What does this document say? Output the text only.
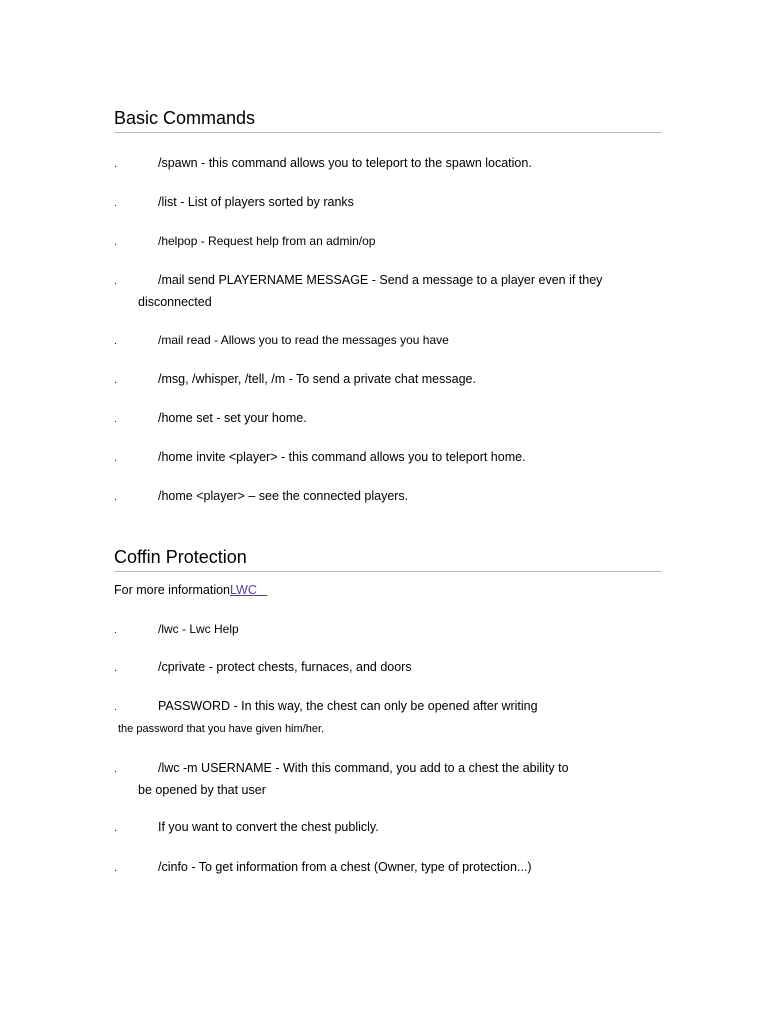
Basic Commands
.	/spawn - this command allows you to teleport to the spawn location.
.	/list - List of players sorted by ranks
.	/helpop - Request help from an admin/op
.	/mail send PLAYERNAME MESSAGE - Send a message to a player even if they disconnected
.	/mail read - Allows you to read the messages you have
.	/msg, /whisper, /tell, /m - To send a private chat message.
.	/home set - set your home.
.	/home invite <player> - this command allows you to teleport home.
.	/home <player> – see the connected players.
Coffin Protection
For more informationLWC
.	/lwc - Lwc Help
.	/cprivate - protect chests, furnaces, and doors
.	PASSWORD - In this way, the chest can only be opened after writing
the password that you have given him/her.
.	/lwc -m USERNAME - With this command, you add to a chest the ability to be opened by that user
.	If you want to convert the chest publicly.
.	/cinfo - To get information from a chest (Owner, type of protection...)
